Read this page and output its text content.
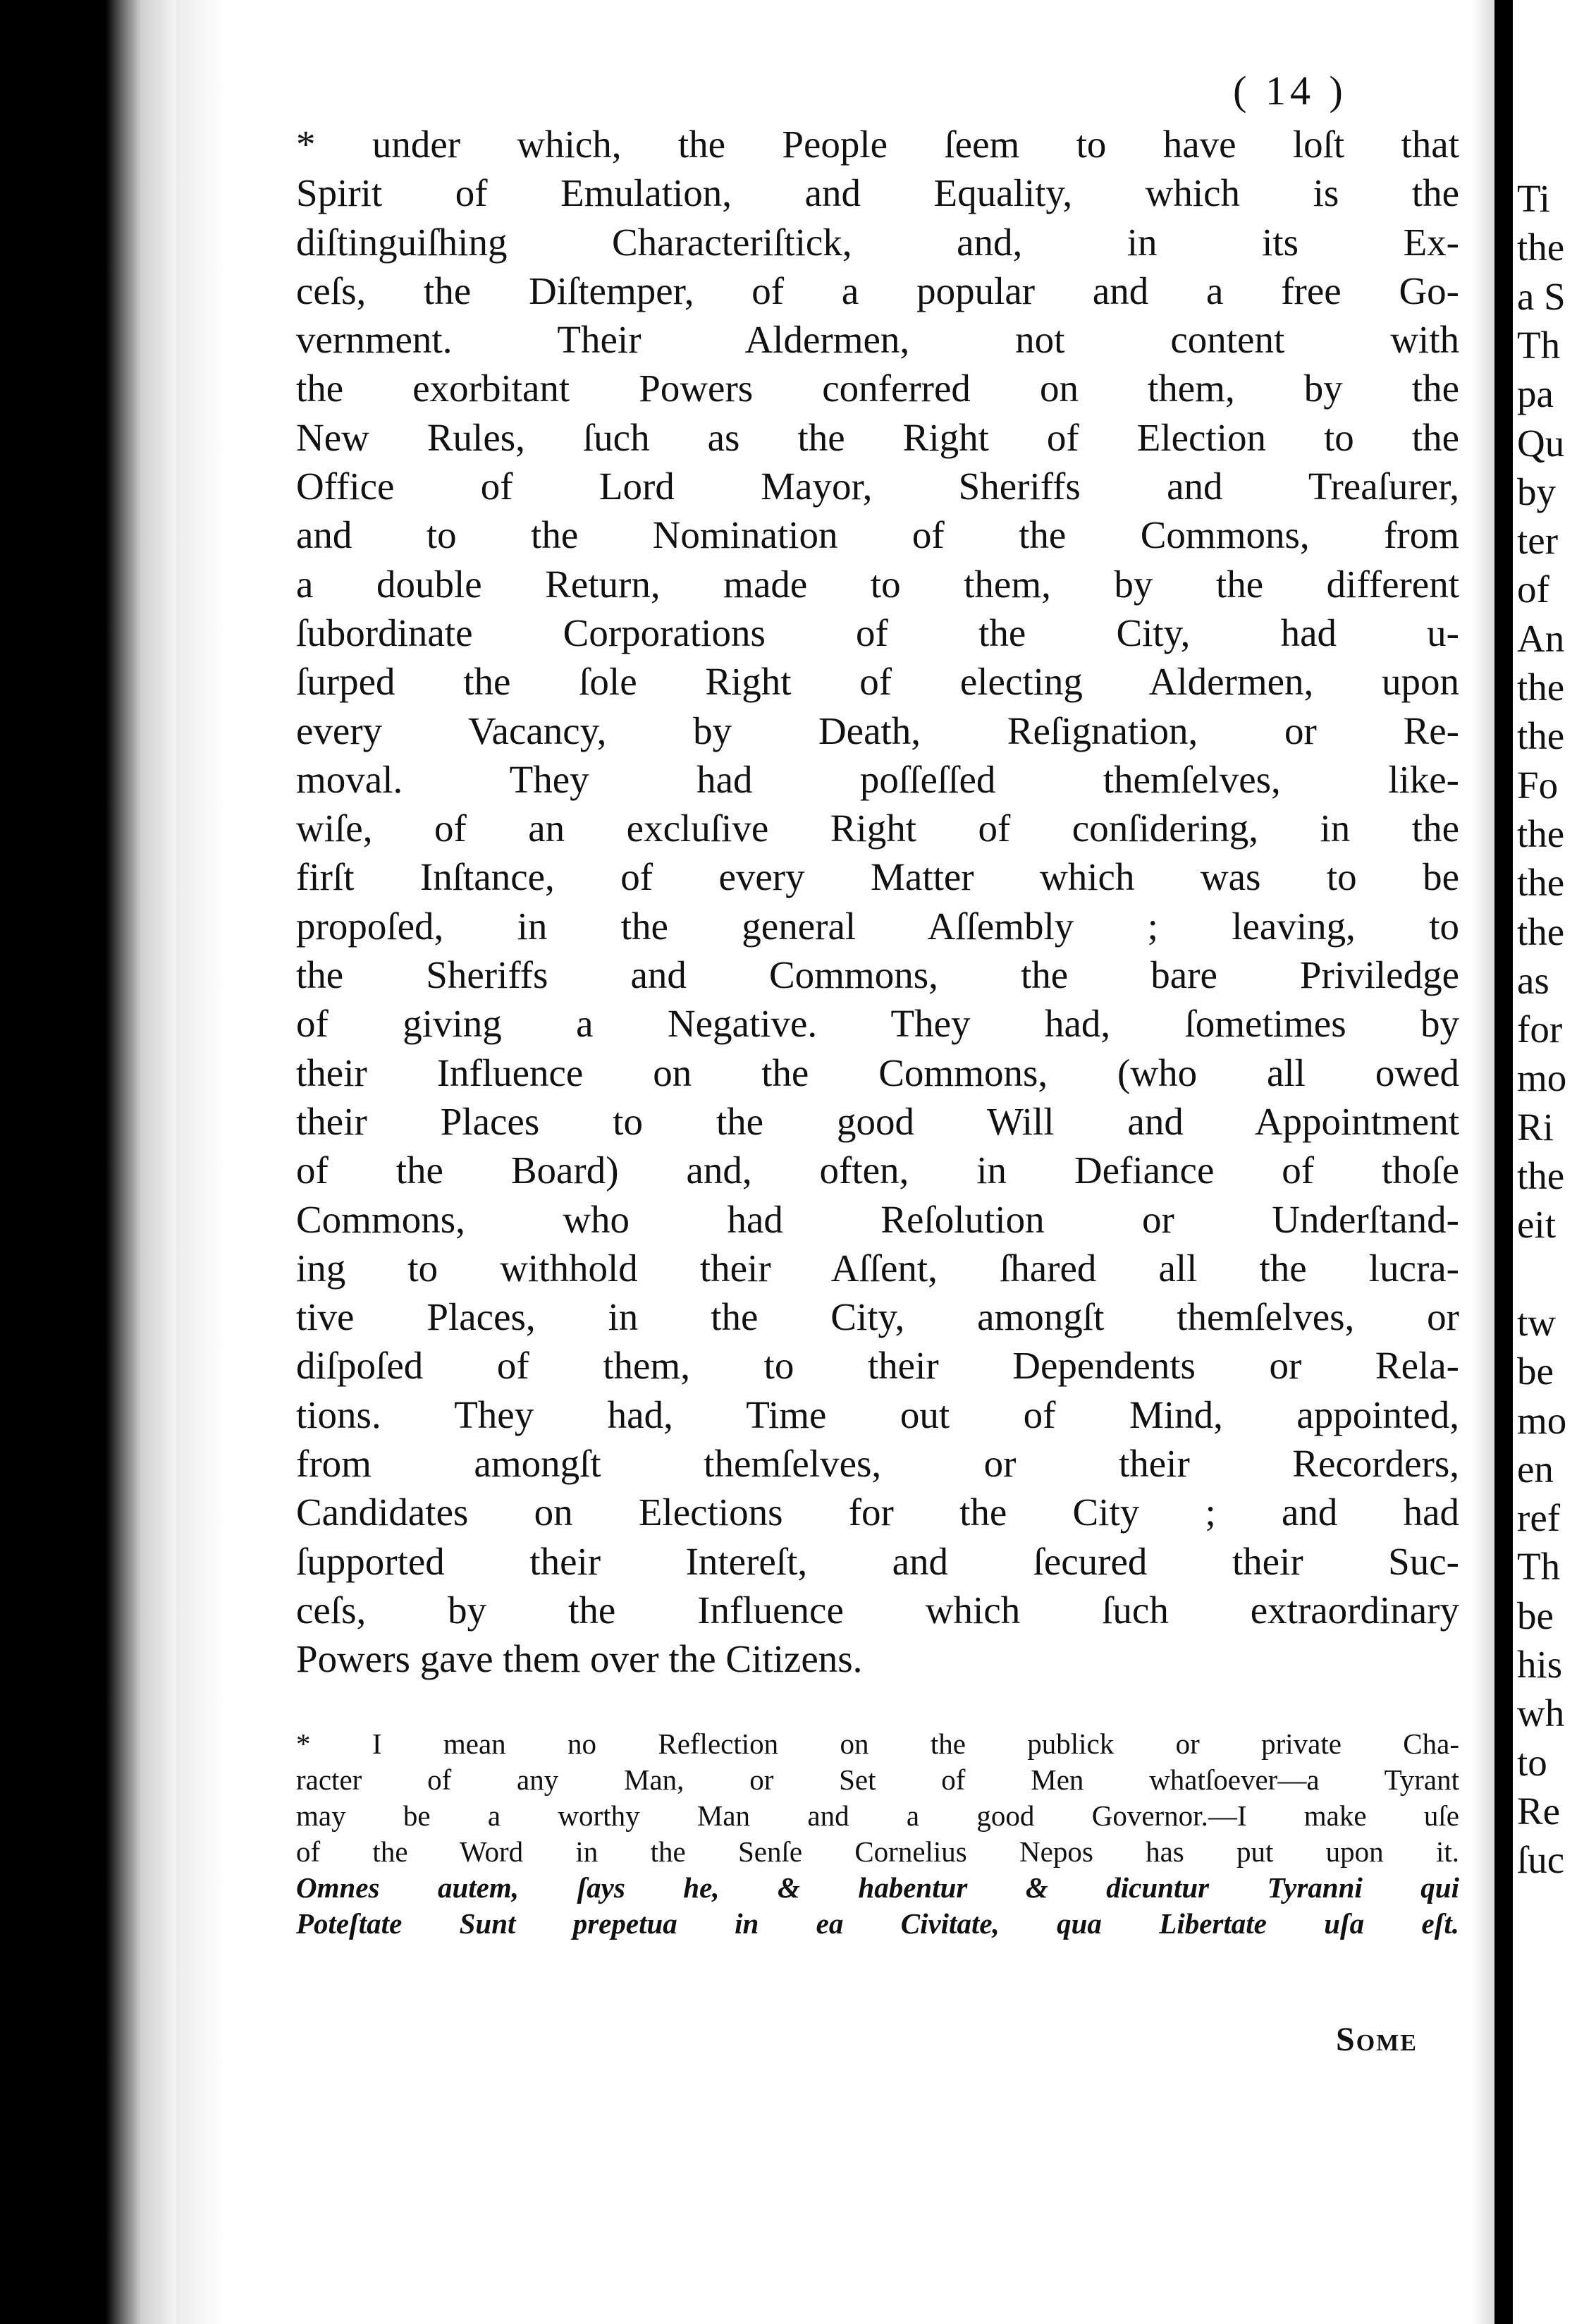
( 14 )
* under which, the People ſeem to have loſt that
Spirit of Emulation, and Equality, which is the
diſtinguiſhing Characteriſtick, and, in its Ex-
ceſs, the Diſtemper, of a popular and a free Go-
vernment. Their Aldermen, not content with
the exorbitant Powers conferred on them, by the
New Rules, ſuch as the Right of Election to the
Office of Lord Mayor, Sheriffs and Treaſurer,
and to the Nomination of the Commons, from
a double Return, made to them, by the different
ſubordinate Corporations of the City, had u-
ſurped the ſole Right of electing Aldermen, upon
every Vacancy, by Death, Reſignation, or Re-
moval. They had poſſeſſed themſelves, like-
wiſe, of an excluſive Right of conſidering, in the
firſt Inſtance, of every Matter which was to be
propoſed, in the general Aſſembly ; leaving, to
the Sheriffs and Commons, the bare Priviledge
of giving a Negative. They had, ſometimes by
their Influence on the Commons, (who all owed
their Places to the good Will and Appointment
of the Board) and, often, in Defiance of thoſe
Commons, who had Reſolution or Underſtand-
ing to withhold their Aſſent, ſhared all the lucra-
tive Places, in the City, amongſt themſelves, or
diſpoſed of them, to their Dependents or Rela-
tions. They had, Time out of Mind, appointed,
from amongſt themſelves, or their Recorders,
Candidates on Elections for the City ; and had
ſupported their Intereſt, and ſecured their Suc-
ceſs, by the Influence which ſuch extraordinary
Powers gave them over the Citizens.
* I mean no Reflection on the publick or private Cha-
racter of any Man, or Set of Men whatſoever—a Tyrant
may be a worthy Man and a good Governor.—I make uſe
of the Word in the Senſe Cornelius Nepos has put upon it.
Omnes autem, ſays he, & habentur & dicuntur Tyranni qui
Poteſtate Sunt prepetua in ea Civitate, qua Libertate uſa eſt.
Some
Ti
the
a S
Th
pa
Qu
by
ter
of
An
the
the
Fo
the
the
the
as
for
mo
Ri
the
eit
tw
be
mo
en
ref
Th
be
his
wh
to
Re
ſuc
